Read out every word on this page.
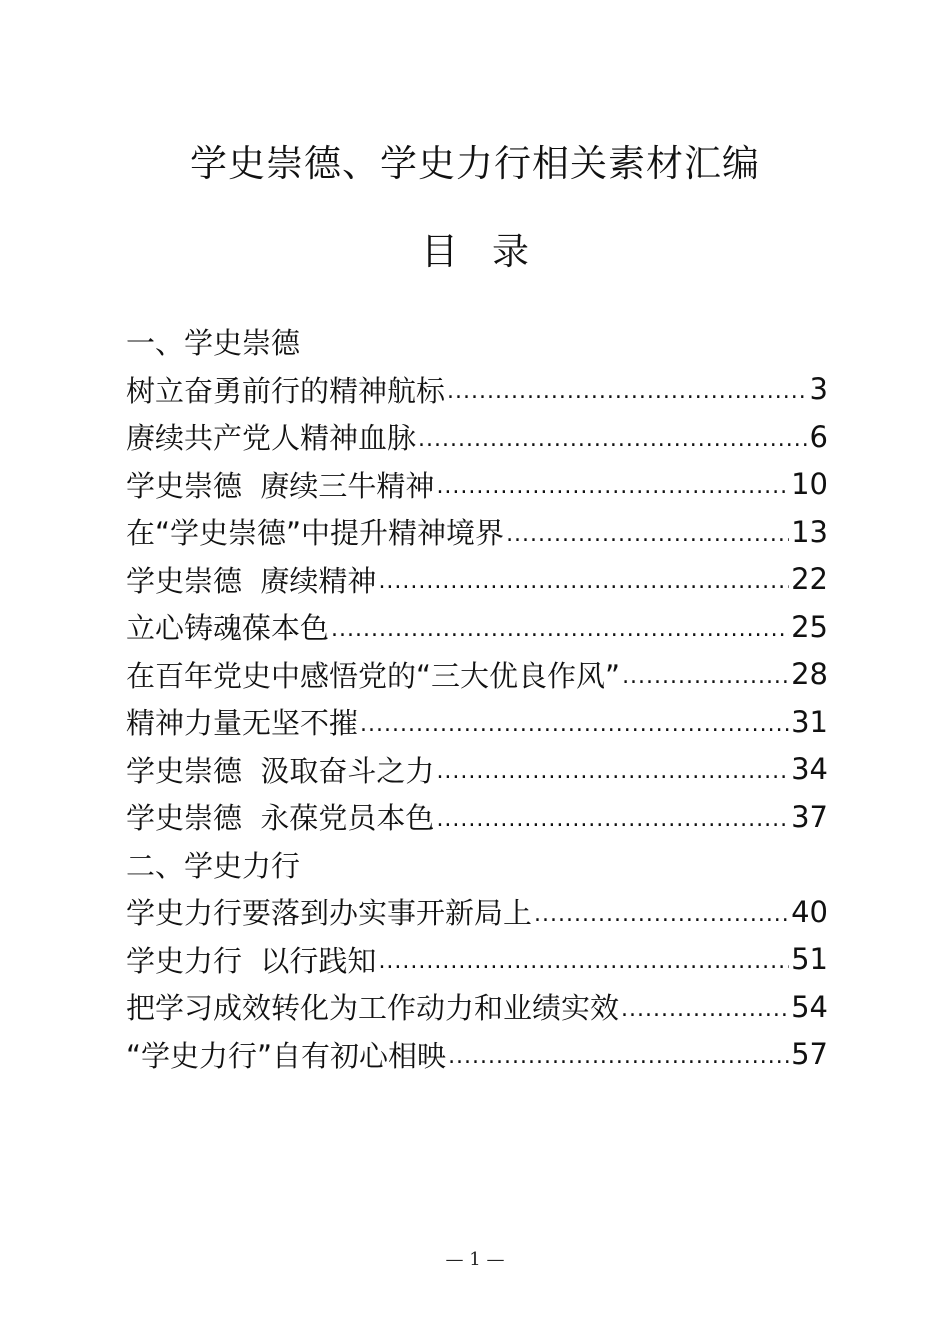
学史崇德、学史力行相关素材汇编
目 录
一、学史崇德
树立奋勇前行的精神航标 .....	3
赓续共产党人精神血脉 .....	6
学史崇德  赓续三牛精神 .....	10
在“学史崇德”中提升精神境界 .....	13
学史崇德  赓续精神 .....	22
立心铸魂葆本色 .....	25
在百年党史中感悟党的“三大优良作风” .....	28
精神力量无坚不摧 .....	31
学史崇德  汲取奋斗之力 .....	34
学史崇德  永葆党员本色 .....	37
二、学史力行
学史力行要落到办实事开新局上 .....	40
学史力行  以行践知 .....	51
把学习成效转化为工作动力和业绩实效 .....	54
“学史力行”自有初心相映 .....	57
— 1 —
